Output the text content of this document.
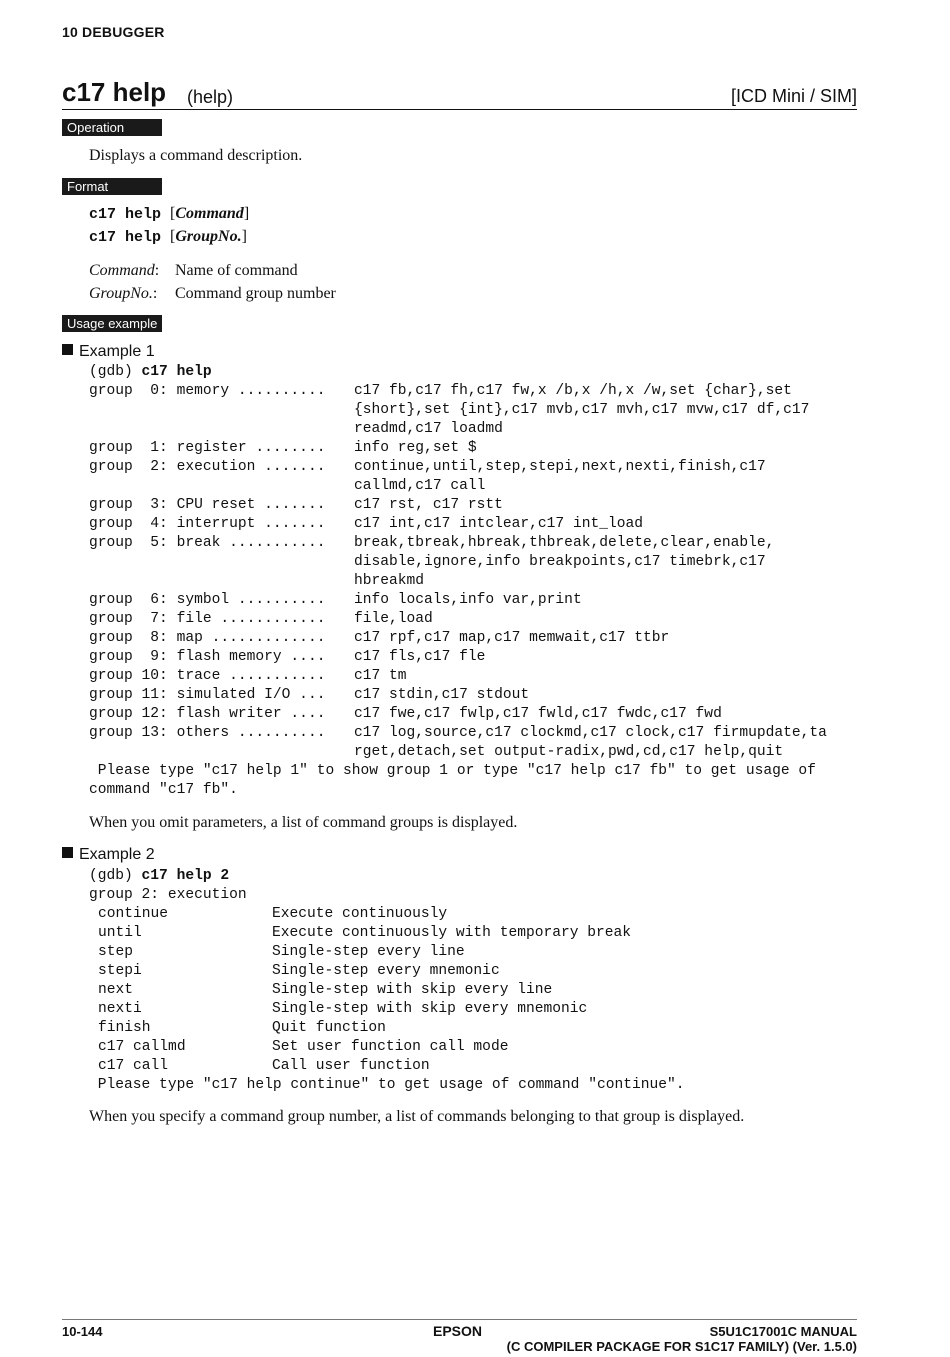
10 DEBUGGER
c17 help (help)	[ICD Mini / SIM]
Operation
Displays a command description.
Format
c17 help [Command]
c17 help [GroupNo.]
Command: Name of command
GroupNo.: Command group number
Usage example
Example 1
(gdb) c17 help
group  0: memory .......... c17 fb,c17 fh,c17 fw,x /b,x /h,x /w,set {char},set
{short},set {int},c17 mvb,c17 mvh,c17 mvw,c17 df,c17
readmd,c17 loadmd
group  1: register ........ info reg,set $
group  2: execution ....... continue,until,step,stepi,next,nexti,finish,c17
callmd,c17 call
group  3: CPU reset ....... c17 rst, c17 rstt
group  4: interrupt ....... c17 int,c17 intclear,c17 int_load
group  5: break ........... break,tbreak,hbreak,thbreak,delete,clear,enable,
disable,ignore,info breakpoints,c17 timebrk,c17
hbreakmd
group  6: symbol .......... info locals,info var,print
group  7: file ............ file,load
group  8: map ............. c17 rpf,c17 map,c17 memwait,c17 ttbr
group  9: flash memory .... c17 fls,c17 fle
group 10: trace ........... c17 tm
group 11: simulated I/O ... c17 stdin,c17 stdout
group 12: flash writer .... c17 fwe,c17 fwlp,c17 fwld,c17 fwdc,c17 fwd
group 13: others .......... c17 log,source,c17 clockmd,c17 clock,c17 firmupdate,ta
rget,detach,set output-radix,pwd,cd,c17 help,quit
Please type "c17 help 1" to show group 1 or type "c17 help c17 fb" to get usage of
command "c17 fb".
When you omit parameters, a list of command groups is displayed.
Example 2
(gdb) c17 help 2
group 2: execution
continue	Execute continuously
until	Execute continuously with temporary break
step	Single-step every line
stepi	Single-step every mnemonic
next	Single-step with skip every line
nexti	Single-step with skip every mnemonic
finish	Quit function
c17 callmd	Set user function call mode
c17 call	Call user function
Please type "c17 help continue" to get usage of command "continue".
When you specify a command group number, a list of commands belonging to that group is displayed.
10-144	EPSON	S5U1C17001C MANUAL
(C COMPILER PACKAGE FOR S1C17 FAMILY) (Ver. 1.5.0)
